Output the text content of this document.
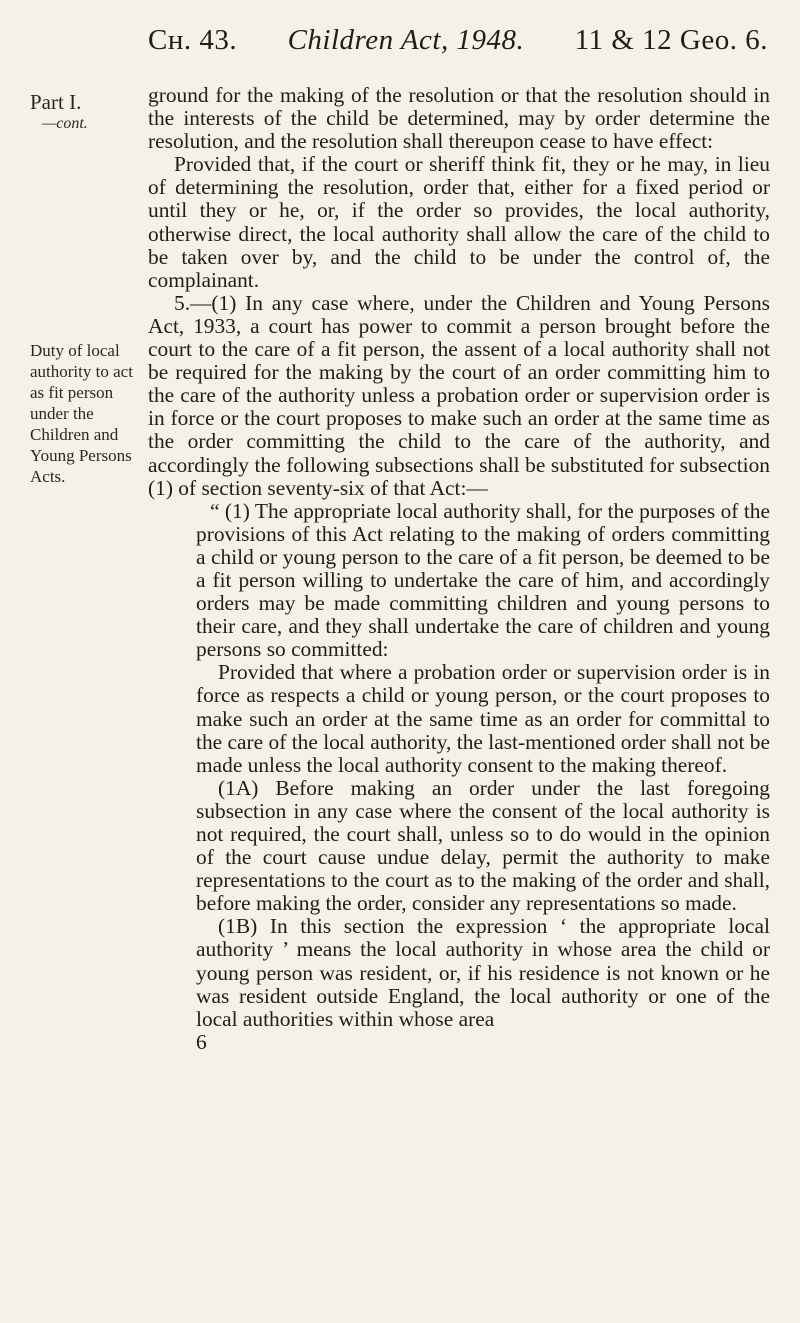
Cн. 43. Children Act, 1948. 11 & 12 Geo. 6.
Part I.
—cont.
Duty of local authority to act as fit person under the Children and Young Persons Acts.

ground for the making of the resolution or that the resolution should in the interests of the child be determined, may by order determine the resolution, and the resolution shall thereupon cease to have effect:

Provided that, if the court or sheriff think fit, they or he may, in lieu of determining the resolution, order that, either for a fixed period or until they or he, or, if the order so provides, the local authority, otherwise direct, the local authority shall allow the care of the child to be taken over by, and the child to be under the control of, the complainant.

5.—(1) In any case where, under the Children and Young Persons Act, 1933, a court has power to commit a person brought before the court to the care of a fit person, the assent of a local authority shall not be required for the making by the court of an order committing him to the care of the authority unless a probation order or supervision order is in force or the court proposes to make such an order at the same time as the order committing the child to the care of the authority, and accordingly the following subsections shall be substituted for subsection (1) of section seventy-six of that Act:—

“ (1) The appropriate local authority shall, for the purposes of the provisions of this Act relating to the making of orders committing a child or young person to the care of a fit person, be deemed to be a fit person willing to undertake the care of him, and accordingly orders may be made committing children and young persons to their care, and they shall undertake the care of children and young persons so committed:

Provided that where a probation order or supervision order is in force as respects a child or young person, or the court proposes to make such an order at the same time as an order for committal to the care of the local authority, the last-mentioned order shall not be made unless the local authority consent to the making thereof.

(1A) Before making an order under the last foregoing subsection in any case where the consent of the local authority is not required, the court shall, unless so to do would in the opinion of the court cause undue delay, permit the authority to make representations to the court as to the making of the order and shall, before making the order, consider any representations so made.

(1B) In this section the expression ‘ the appropriate local authority ’ means the local authority in whose area the child or young person was resident, or, if his residence is not known or he was resident outside England, the local authority or one of the local authorities within whose area

6
